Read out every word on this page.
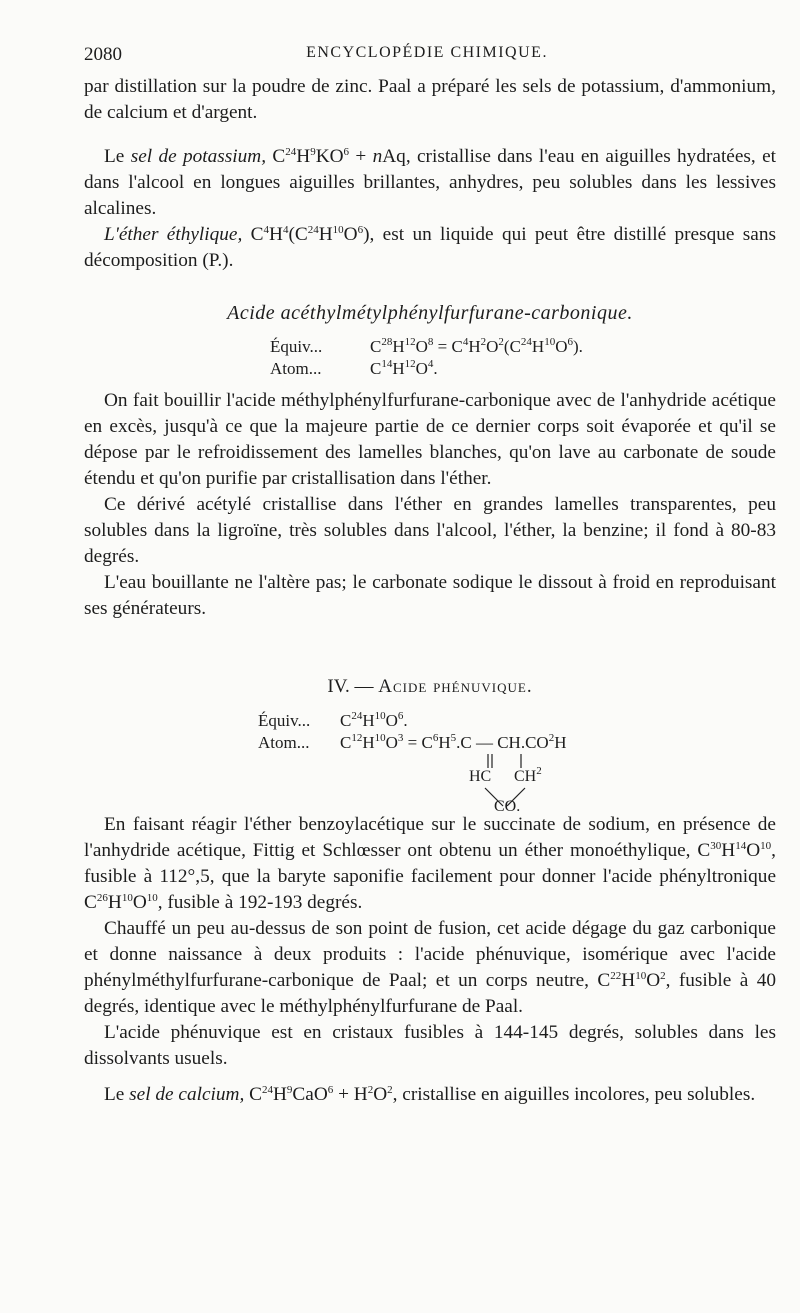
2080	ENCYCLOPÉDIE CHIMIQUE.

par distillation sur la poudre de zinc. Paal a préparé les sels de potassium, d'ammonium, de calcium et d'argent.

Le sel de potassium, $C^{24}H^9KO^6$ + nAq, cristallise dans l'eau en aiguilles hydratées, et dans l'alcool en longues aiguilles brillantes, anhydres, peu solubles dans les lessives alcalines.

L'éther éthylique, $C^4H^4(C^{24}H^{10}O^6)$, est un liquide qui peut être distillé presque sans décomposition (P.).

Acide acéthylmétylphénylfurfurane-carbonique.
Équiv...	$C^{28}H^{12}O^8 = C^4H^2O^2(C^{24}H^{10}O^6)$.
Atom...	$C^{14}H^{12}O^4$.

On fait bouillir l'acide méthylphénylfurfurane-carbonique avec de l'anhydride acétique en excès, jusqu'à ce que la majeure partie de ce dernier corps soit évaporée et qu'il se dépose par le refroidissement des lamelles blanches, qu'on lave au carbonate de soude étendu et qu'on purifie par cristallisation dans l'éther.

Ce dérivé acétylé cristallise dans l'éther en grandes lamelles transparentes, peu solubles dans la ligroïne, très solubles dans l'alcool, l'éther, la benzine; il fond à 80-83 degrés.

L'eau bouillante ne l'altère pas; le carbonate sodique le dissout à froid en reproduisant ses générateurs.

IV. — Acide phénuvique.
Équiv... $C^{24}H^{10}O^6$.
Atom... $C^{12}H^{10}O^3 = C^6H^5.C$ — $CH.CO^2H$
HC $CH^2$
CO.

En faisant réagir l'éther benzoylacétique sur le succinate de sodium, en présence de l'anhydride acétique, Fittig et Schlœsser ont obtenu un éther monoéthylique, $C^{30}H^{14}O^{10}$, fusible à 112°,5, que la baryte saponifie facilement pour donner l'acide phényltronique $C^{26}H^{10}O^{10}$, fusible à 192-193 degrés.

Chauffé un peu au-dessus de son point de fusion, cet acide dégage du gaz carbonique et donne naissance à deux produits : l'acide phénuvique, isomérique avec l'acide phénylméthylfurfurane-carbonique de Paal; et un corps neutre, $C^{22}H^{10}O^2$, fusible à 40 degrés, identique avec le méthylphénylfurfurane de Paal.

L'acide phénuvique est en cristaux fusibles à 144-145 degrés, solubles dans les dissolvants usuels.

Le sel de calcium, $C^{24}H^9CaO^6 + H^2O^2$, cristallise en aiguilles incolores, peu solubles.
